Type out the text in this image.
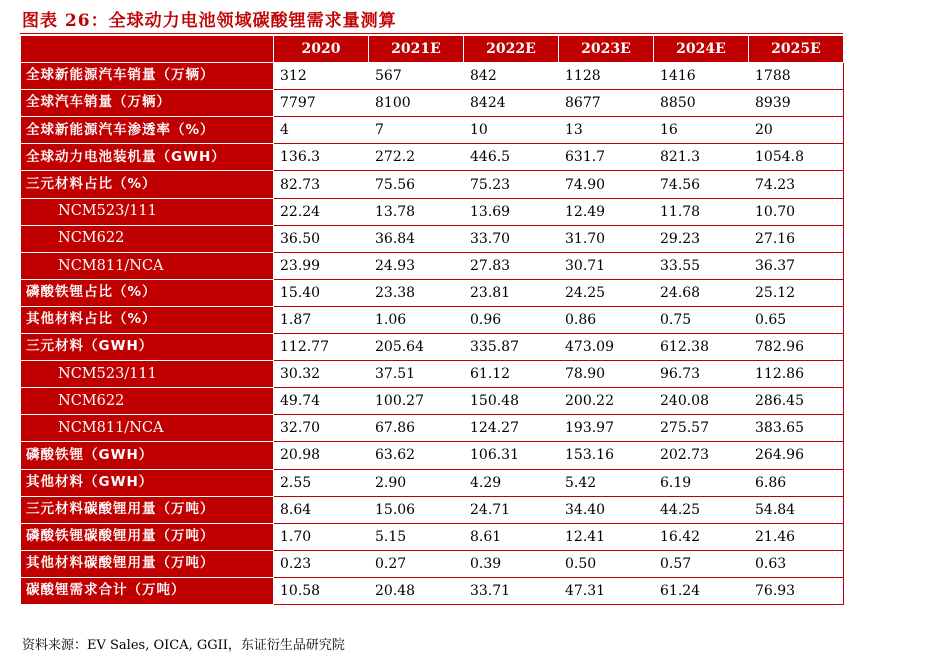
图表 26：全球动力电池领域碳酸锂需求量测算
	2020	2021E	2022E	2023E	2024E	2025E
全球新能源汽车销量（万辆）	312	567	842	1128	1416	1788
全球汽车销量（万辆）	7797	8100	8424	8677	8850	8939
全球新能源汽车渗透率（%）	4	7	10	13	16	20
全球动力电池装机量（GWH）	136.3	272.2	446.5	631.7	821.3	1054.8
三元材料占比（%）	82.73	75.56	75.23	74.90	74.56	74.23
NCM523/111	22.24	13.78	13.69	12.49	11.78	10.70
NCM622	36.50	36.84	33.70	31.70	29.23	27.16
NCM811/NCA	23.99	24.93	27.83	30.71	33.55	36.37
磷酸铁锂占比（%）	15.40	23.38	23.81	24.25	24.68	25.12
其他材料占比（%）	1.87	1.06	0.96	0.86	0.75	0.65
三元材料（GWH）	112.77	205.64	335.87	473.09	612.38	782.96
NCM523/111	30.32	37.51	61.12	78.90	96.73	112.86
NCM622	49.74	100.27	150.48	200.22	240.08	286.45
NCM811/NCA	32.70	67.86	124.27	193.97	275.57	383.65
磷酸铁锂（GWH）	20.98	63.62	106.31	153.16	202.73	264.96
其他材料（GWH）	2.55	2.90	4.29	5.42	6.19	6.86
三元材料碳酸锂用量（万吨）	8.64	15.06	24.71	34.40	44.25	54.84
磷酸铁锂碳酸锂用量（万吨）	1.70	5.15	8.61	12.41	16.42	21.46
其他材料碳酸锂用量（万吨）	0.23	0.27	0.39	0.50	0.57	0.63
碳酸锂需求合计（万吨）	10.58	20.48	33.71	47.31	61.24	76.93
资料来源：EV Sales, OICA, GGII，东证衍生品研究院
